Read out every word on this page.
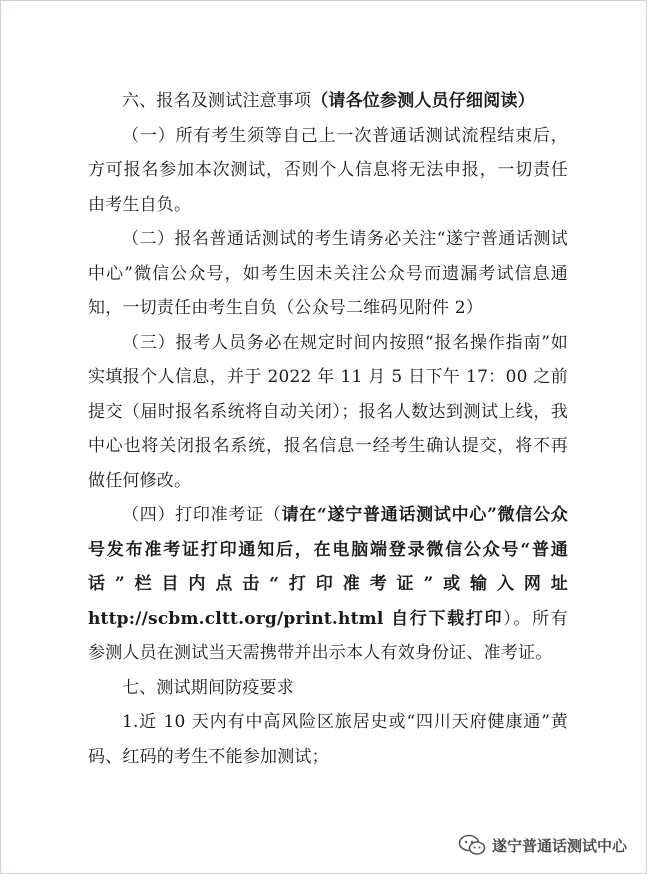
六、报名及测试注意事项（请各位参测人员仔细阅读）

（一）所有考生须等自己上一次普通话测试流程结束后，方可报名参加本次测试，否则个人信息将无法申报，一切责任由考生自负。

（二）报名普通话测试的考生请务必关注“遂宁普通话测试中心”微信公众号，如考生因未关注公众号而遗漏考试信息通知，一切责任由考生自负（公众号二维码见附件 2）

（三）报考人员务必在规定时间内按照“报名操作指南”如实填报个人信息，并于 2022 年 11 月 5 日下午 17：00 之前提交（届时报名系统将自动关闭）；报名人数达到测试上线，我中心也将关闭报名系统，报名信息一经考生确认提交，将不再做任何修改。

（四）打印准考证（请在“遂宁普通话测试中心”微信公众号发布准考证打印通知后，在电脑端登录微信公众号“普通话”栏目内点击“打印准考证”或输入网址 http://scbm.cltt.org/print.html 自行下载打印）。所有参测人员在测试当天需携带并出示本人有效身份证、准考证。

七、测试期间防疫要求

1.近 10 天内有中高风险区旅居史或“四川天府健康通”黄码、红码的考生不能参加测试；

遂宁普通话测试中心
